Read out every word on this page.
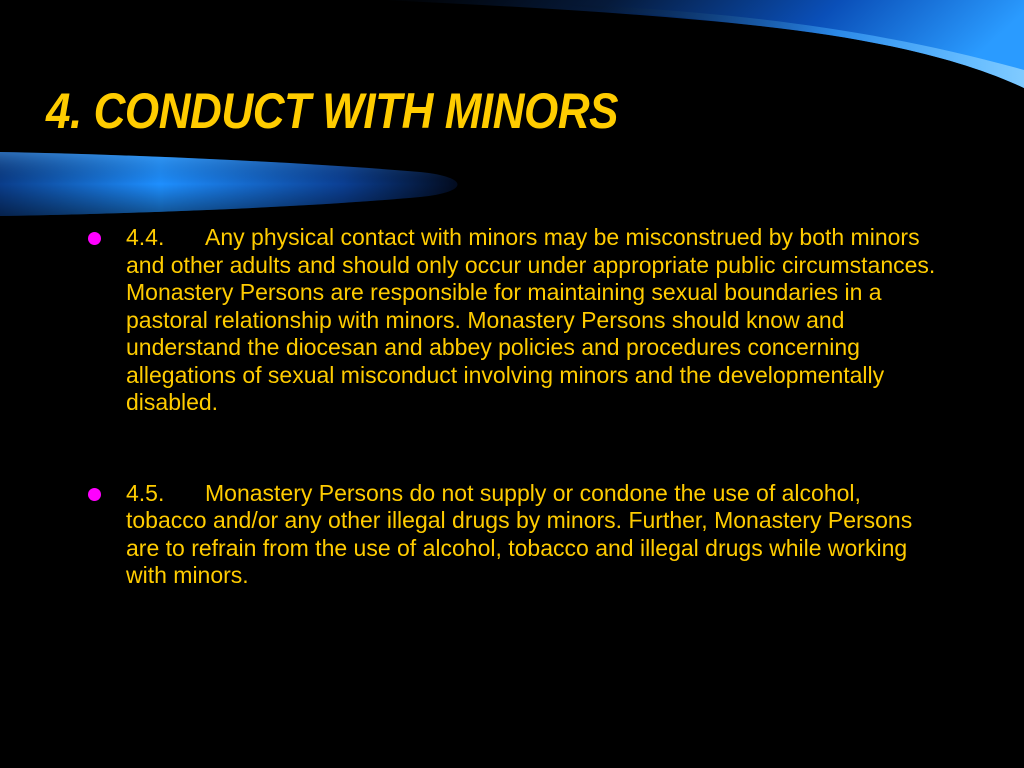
4. CONDUCT WITH MINORS
4.4. Any physical contact with minors may be misconstrued by both minors and other adults and should only occur under appropriate public circumstances. Monastery Persons are responsible for maintaining sexual boundaries in a pastoral relationship with minors. Monastery Persons should know and understand the diocesan and abbey policies and procedures concerning allegations of sexual misconduct involving minors and the developmentally disabled.
4.5. Monastery Persons do not supply or condone the use of alcohol, tobacco and/or any other illegal drugs by minors. Further, Monastery Persons are to refrain from the use of alcohol, tobacco and illegal drugs while working with minors.
